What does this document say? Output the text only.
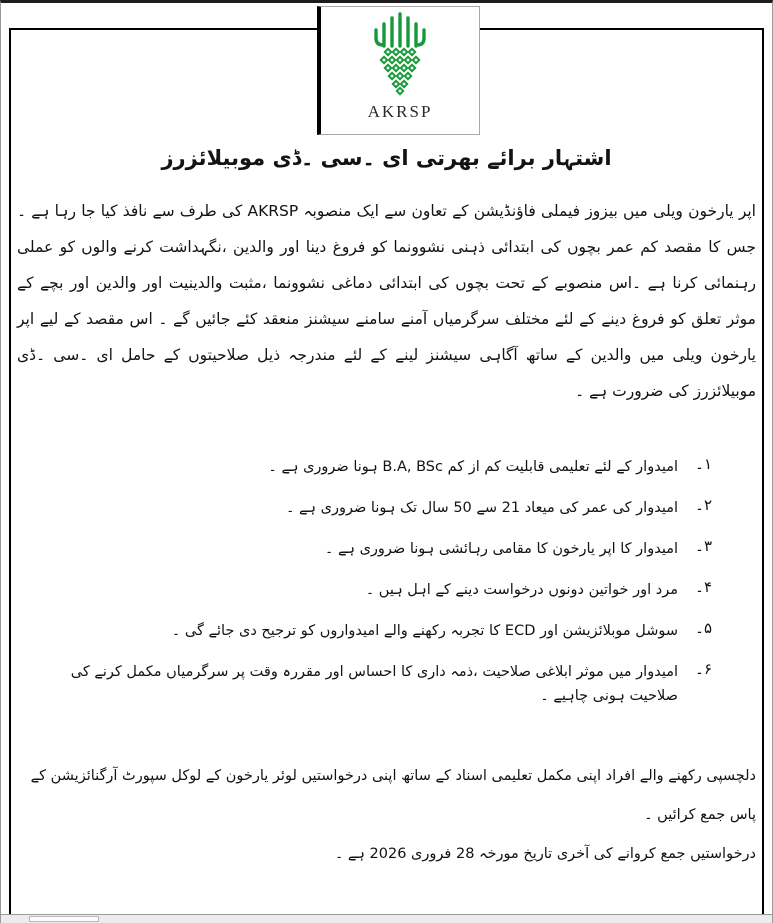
AKRSP
اشتہار برائے بھرتی ای ۔سی ۔ڈی موبیلائزرز
اپر یارخون ویلی میں بیزوز فیملی فاؤنڈیشن کے تعاون سے ایک منصوبہ AKRSP کی طرف سے نافذ کیا جا رہا ہے ۔جس کا مقصد کم عمر بچوں کی ابتدائی ذہنی نشوونما کو فروغ دینا اور والدین ،نگہداشت کرنے والوں کو عملی رہنمائی کرنا ہے ۔اس منصوبے کے تحت بچوں کی ابتدائی دماغی نشوونما ،مثبت والدینیت اور والدین اور بچے کے موثر تعلق کو فروغ دینے کے لئے مختلف سرگرمیاں آمنے سامنے سیشنز منعقد کئے جائیں گے ۔ اس مقصد کے لیے اپر یارخون ویلی میں والدین کے ساتھ آگاہی سیشنز لینے کے لئے مندرجہ ذیل صلاحیتوں کے حامل ای ۔سی ۔ڈی موبیلائزرز کی ضرورت ہے ۔
۱۔
امیدوار کے لئے تعلیمی قابلیت کم از کم B.A, BSc ہونا ضروری ہے ۔
۲۔
امیدوار کی عمر کی میعاد 21 سے 50 سال تک ہونا ضروری ہے ۔
۳۔
امیدوار کا اپر یارخون کا مقامی رہائشی ہونا ضروری ہے ۔
۴۔
مرد اور خواتین دونوں درخواست دینے کے اہل ہیں ۔
۵۔
سوشل موبلائزیشن اور ECD کا تجربہ رکھنے والے امیدواروں کو ترجیح دی جائے گی ۔
۶۔
امیدوار میں موثر ابلاغی صلاحیت ،ذمہ داری کا احساس اور مقررہ وقت پر سرگرمیاں مکمل کرنے کی صلاحیت ہونی چاہیے ۔
دلچسپی رکھنے والے افراد اپنی مکمل تعلیمی اسناد کے ساتھ اپنی درخواستیں لوئر یارخون کے لوکل سپورٹ آرگنائزیشن کے پاس جمع کرائیں ۔
درخواستیں جمع کروانے کی آخری تاریخ مورخہ 28 فروری 2026 ہے ۔
